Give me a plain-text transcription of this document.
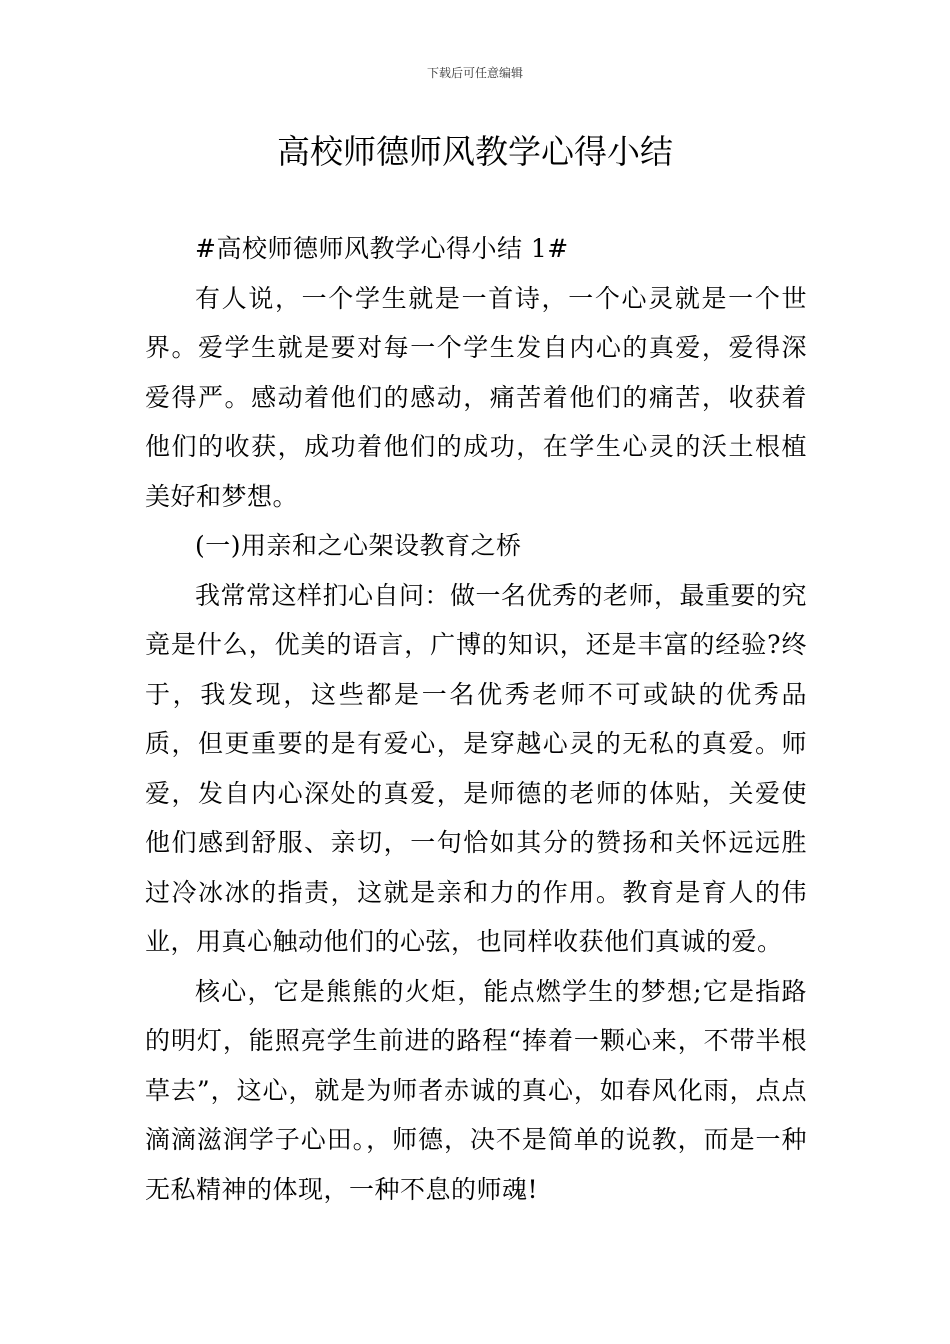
下载后可任意编辑
高校师德师风教学心得小结

#高校师德师风教学心得小结 1#

有人说，一个学生就是一首诗，一个心灵就是一个世界。爱学生就是要对每一个学生发自内心的真爱，爱得深爱得严。感动着他们的感动，痛苦着他们的痛苦，收获着他们的收获，成功着他们的成功，在学生心灵的沃土根植美好和梦想。

(一)用亲和之心架设教育之桥

我常常这样扪心自问：做一名优秀的老师，最重要的究竟是什么，优美的语言，广博的知识，还是丰富的经验?终于，我发现，这些都是一名优秀老师不可或缺的优秀品质，但更重要的是有爱心，是穿越心灵的无私的真爱。师爱，发自内心深处的真爱，是师德的老师的体贴，关爱使他们感到舒服、亲切，一句恰如其分的赞扬和关怀远远胜过冷冰冰的指责，这就是亲和力的作用。教育是育人的伟业，用真心触动他们的心弦，也同样收获他们真诚的爱。

核心，它是熊熊的火炬，能点燃学生的梦想;它是指路的明灯，能照亮学生前进的路程“捧着一颗心来，不带半根草去”，这心，就是为师者赤诚的真心，如春风化雨，点点滴滴滋润学子心田。，师德，决不是简单的说教，而是一种无私精神的体现，一种不息的师魂!
